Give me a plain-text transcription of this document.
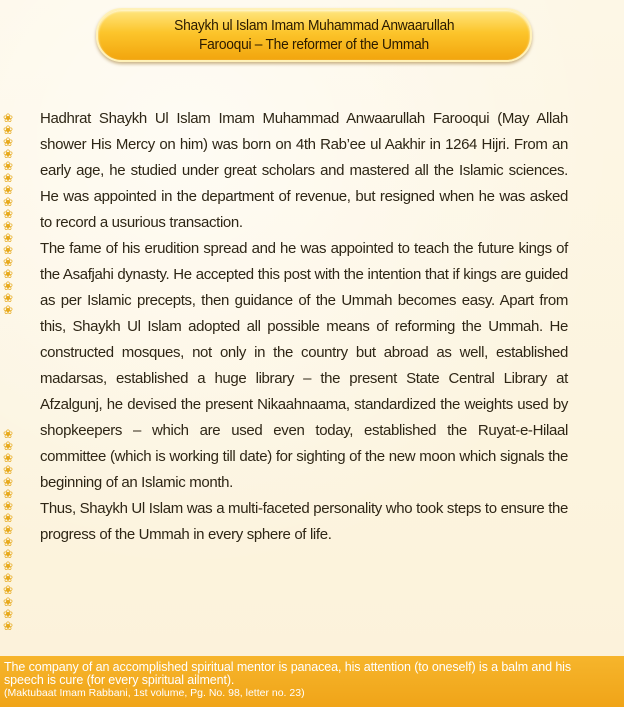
Shaykh ul Islam Imam Muhammad Anwaarullah
Farooqui – The reformer of the Ummah
❀
❀
❀
❀
❀
❀
❀
❀
❀
❀
❀
❀
❀
❀
❀
❀
❀
❀
❀
❀
❀
❀
❀
❀
❀
❀
❀
❀
❀
❀
❀
❀
❀
❀

Hadhrat Shaykh Ul Islam Imam Muhammad Anwaarullah Farooqui (May Allah shower His Mercy on him) was born on 4th Rab’ee ul Aakhir in 1264 Hijri. From an early age, he studied under great scholars and mastered all the Islamic sciences. He was appointed in the department of revenue, but resigned when he was asked to record a usurious transaction.

The fame of his erudition spread and he was appointed to teach the future kings of the Asafjahi dynasty. He accepted this post with the intention that if kings are guided as per Islamic precepts, then guidance of the Ummah becomes easy. Apart from this, Shaykh Ul Islam adopted all possible means of reforming the Ummah. He constructed mosques, not only in the country but abroad as well, established madarsas, established a huge library – the present State Central Library at Afzalgunj, he devised the present Nikaahnaama, standardized the weights used by shopkeepers – which are used even today, established the Ruyat-e-Hilaal committee (which is working till date) for sighting of the new moon which signals the beginning of an Islamic month.

Thus, Shaykh Ul Islam was a multi-faceted personality who took steps to ensure the progress of the Ummah in every sphere of life.

The company of an accomplished spiritual mentor is panacea, his attention (to oneself) is a balm and his speech is cure (for every spiritual ailment).

(Maktubaat Imam Rabbani, 1st volume, Pg. No. 98, letter no. 23)
